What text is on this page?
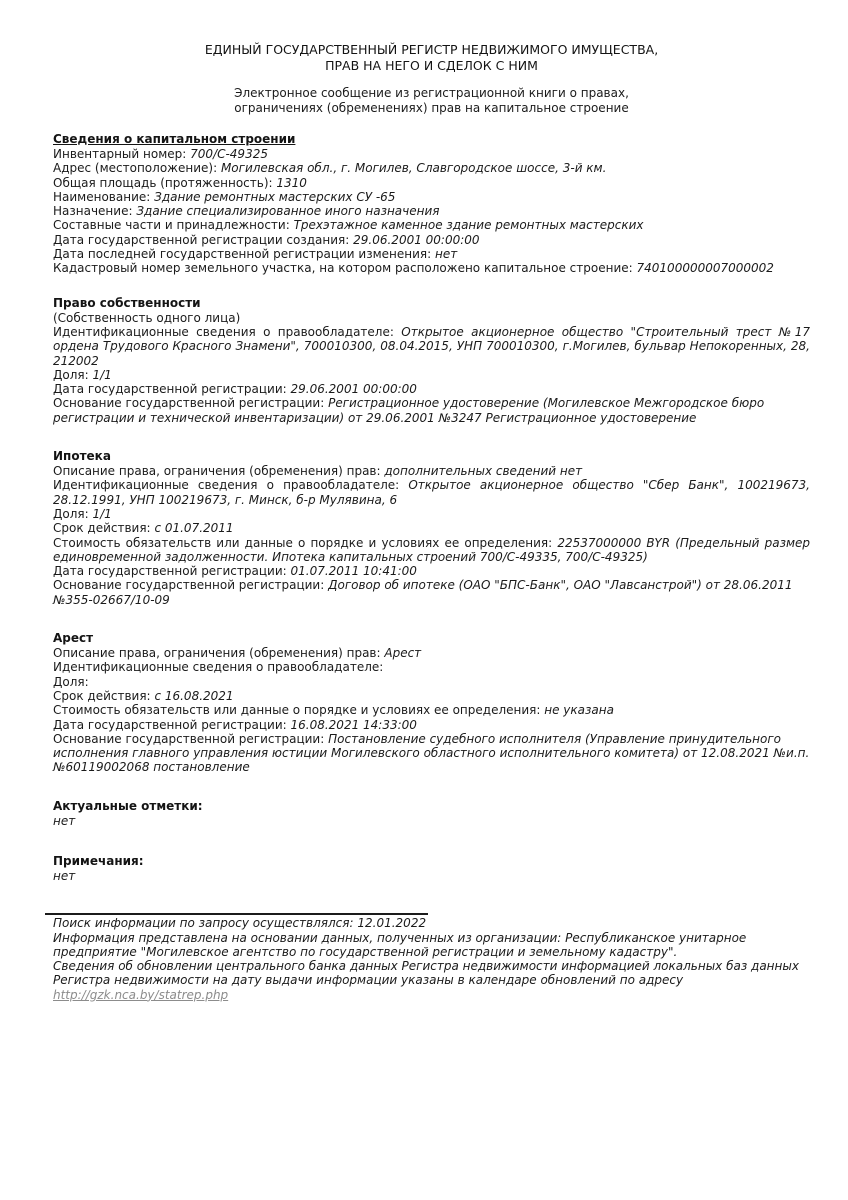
ЕДИНЫЙ ГОСУДАРСТВЕННЫЙ РЕГИСТР НЕДВИЖИМОГО ИМУЩЕСТВА,

ПРАВ НА НЕГО И СДЕЛОК С НИМ

Электронное сообщение из регистрационной книги о правах,

ограничениях (обременениях) прав на капитальное строение

Сведения о капитальном строении

Инвентарный номер: 700/С-49325

Адрес (местоположение): Могилевская обл., г. Могилев, Славгородское шоссе, 3-й км.

Общая площадь (протяженность): 1310

Наименование: Здание ремонтных мастерских СУ -65

Назначение: Здание специализированное иного назначения

Составные части и принадлежности: Трехэтажное каменное здание ремонтных мастерских

Дата государственной регистрации создания: 29.06.2001 00:00:00

Дата последней государственной регистрации изменения: нет

Кадастровый номер земельного участка, на котором расположено капитальное строение: 740100000007000002

Право собственности

(Собственность одного лица)

Идентификационные сведения о правообладателе: Открытое акционерное общество "Строительный трест №17 ордена Трудового Красного Знамени", 700010300, 08.04.2015, УНП 700010300, г.Могилев, бульвар Непокоренных, 28, 212002

Доля: 1/1

Дата государственной регистрации: 29.06.2001 00:00:00

Основание государственной регистрации: Регистрационное удостоверение (Могилевское Межгородское бюро регистрации и технической инвентаризации) от 29.06.2001 №3247 Регистрационное удостоверение

Ипотека

Описание права, ограничения (обременения) прав: дополнительных сведений нет

Идентификационные сведения о правообладателе: Открытое акционерное общество "Сбер Банк", 100219673, 28.12.1991, УНП 100219673, г. Минск, б-р Мулявина, 6

Доля: 1/1

Срок действия: с 01.07.2011

Стоимость обязательств или данные о порядке и условиях ее определения: 22537000000 BYR (Предельный размер единовременной задолженности. Ипотека капитальных строений 700/С-49335, 700/С-49325)

Дата государственной регистрации: 01.07.2011 10:41:00

Основание государственной регистрации: Договор об ипотеке (ОАО "БПС-Банк", ОАО "Лавсанстрой") от 28.06.2011 №355-02667/10-09

Арест

Описание права, ограничения (обременения) прав: Арест

Идентификационные сведения о правообладателе:

Доля:

Срок действия: с 16.08.2021

Стоимость обязательств или данные о порядке и условиях ее определения: не указана

Дата государственной регистрации: 16.08.2021 14:33:00

Основание государственной регистрации: Постановление судебного исполнителя (Управление принудительного исполнения главного управления юстиции Могилевского областного исполнительного комитета) от 12.08.2021 №и.п. №60119002068 постановление

Актуальные отметки:

нет

Примечания:

нет

Поиск информации по запросу осуществлялся: 12.01.2022

Информация представлена на основании данных, полученных из организации: Республиканское унитарное предприятие "Могилевское агентство по государственной регистрации и земельному кадастру".

Сведения об обновлении центрального банка данных Регистра недвижимости информацией локальных баз данных Регистра недвижимости на дату выдачи информации указаны в календаре обновлений по адресу

http://gzk.nca.by/statrep.php
